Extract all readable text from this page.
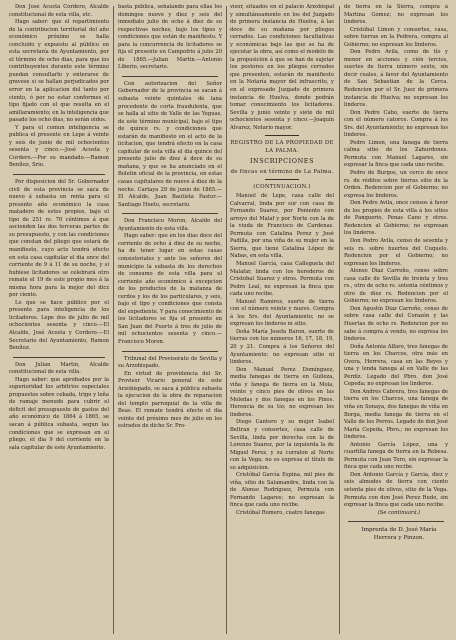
Don José Acosta Cordero, Alcalde constitucional de esta villa, etc.

Hago saber: que el repartimiento de la contribucion territorial del año económico próximo se halla concluido y expuesto al público en esta secretaría de Ayuntamiento, por el término de ocho dias, para que los contribuyentes durante este término puedan consultarlo y enterarse de gravese si se hallan perjudicados por error en la aplicacion del tanto por ciento, ó por no estar conformes el tipo fijado con el que resulta en el amillaramiento; en la inteligencia que pasado los ocho dias, no serán oidos.

Y para el comun inteligencia se publica el presente en Lepe á veinte y seis de junio de mil ochocientos sesenta y cinco.—José Acosta y Cordero.—Por su mandado.—Ramon Benítez, Srio.

Por disposicion del Sr. Gobernador civil de esta provincia se saca de nuevo á subasta en renta para el presente año económico la casa matadero de estos propios, bajo el tipo de 251 rs. 70 céntimos á que ascienden las dos terceras partes de su presupuesto, y con las condiciones que constan del pliego que estará de manifiesto, cuyo acto tendrá efecto en esta casa capitular el dia once del corriente de 9 á 11 de su noche, y si hubiese licitadores se celebrará otro remate el 19 de este propio mes á la misma hora para la mejor del dicz por ciento.

Lo que se hace público por el presente para inteligencia de los licitadores. Lepe dos de julio de mil ochocientos sesenta y cinco.—El Alcalde, José Acosta y Cordero.—El Secretario del Ayuntamiento, Ramon Benítez.

Don Julian Martin, Alcalde constitucional de esta villa.

Hago saber: que aprobados por la superioridad los arbitrios especiales propuestos sobre cebada, trigo y leña de ramaje menudo para cubrir el déficit del presupuesto de gastos del año económico de 1864 á 1865, se sacan á pública subasta, segun las condiciones que se expresan en el pliego, el dia 9 del corriente en la sala capitular de este Ayuntamiento.

basta pública, señalando para ellas los domingos nueve y diez y seis del inmediato julio de ocho á diez de su respectivas noches, bajo los tipos y condiciones que están de manifiesto. Y para la concurrencia de licitadores se fija el presente en Campofrio á julio 20 de 1865.—Julian Martin.—Antonio Liberio, secretario.

Con autorizacion del Señor Gobernador de la provincia se sacan á subasta veinte quintales de lana procedente de corta fraudulenta, que se halla al sitio de Valle de las Yeguas, de este término municipal, bajo el tipo de quince rs. y condiciones que estarán de manifiesto en el acto de la licitacion, que tendrá efecto en la casa capitular de esta villa el dia quince del presente julio de diez á doce de su mañana, y que se ha anunciado en el Boletin oficial de la provincia, en estas casas capitulares de nueve á diez de la noche. Cartaya 29 de junio de 1865.—El Alcalde, Juan Bautista Pastor.—Santiago Hueto, secretario.

Don Francisco Moron, Alcalde del Ayuntamiento de esta villa.

Hago saber: que en los dias doce del corriente de ocho á diez de su noche, ha de tener lugar en estas casas consistoriales y ante los señores del municipio la subasta de los derechos de consumo de esta villa para el corriente año económico á excepcion de los productos de la matanza de cerdos y los de los particulares, y seis, bajo el tipo y condiciones que consta del expediente. Y para conocimiento de los licitadores se fija el presente en San Juan del Puerto á tres de julio de mil ochocientos sesenta y cinco.—Francisco Moron.

Tribunal del Provisorato de Sevilla y su Arzobispado.

En virtud de providencia del Sr. Provisor Vicario general de este Arzobispado, se saca á pública subasta la ejecucion de la obra de reparacion del templo parroquial de la villa de Beas. El remate tendrá efecto el dia veinte del próximo mes de julio en los estrados de dicho Sr. Pro-

visor, situados en el palacio Arzobispal y simultáneamente en los del Juzgado de primera instancia de Huelva, á las doce de su mañana por pliegos cerrados. Las condiciones facultativas y económicas bajo las que se ha de ejecutar la obra, así como el modelo de la proposicion á que se han de sujetar los postores en los pliegos cerrados que presenten, estarán de manifiesto en la Notaría mayor del infrascrito, y en el expresado Juzgado de primera instancia de Huelva, donde podrán tomar conocimiento los licitadores. Sevilla y junio veinte y siete de mil ochocientos sesenta y cinco.—Joaquín Alvarez, Notario mayor.

REGISTRO DE LA PROPIEDAD DE LA PALMA.

INSCRIPCIONES

de fincas en término de La Palma.

(CONTINUACION.)

Manuel de Lepe, casa calle del Calvarral, linda por sur con casa de Fernando Suarez, por Poniente con arroyo del Malaf y por Norte con la de la viuda de Francisco de Cardenas. Permuta con Catalina Perez y José Padilla, por una viña de su mujer en la Sierra, que tiene Catalina López de Nabas, en esta villa.

Manuel García, casa Calleguela del Malafar, linda con los herederos de Cristobal Suarez y otros. Permuta con Pedro Leal, no expresan la finca que cada uno recibe.

Manuel Ramirez, suerte de tierra con el número veinte y nueve. Compra á los Srs. del Ayuntamiento; no se expresan los linderos ni sitio.

Doña María Josefa Baron, suerte de tierras con los números 16, 17, 18, 19, 20 y 21. Compra á los Señores del Ayuntamiento; no expresan sitio ni linderos.

Don Manuel Perez Domínguez, media fanegas de tierra en Guileza, viña y fanega de tierra en la Mola, veinte y cinco pies de olivos en las Moledas y dos fanegas en los Pinos. Herencia de su tío; no expresan los linderos.

Diego Cantero y su mujer Isabel Beltran y consortes, casa calle de Sevilla, linda por derecha con la de Lorenzo Suarez, por la izquierda la de Miguel Perez, y su corralon al Norte con la Vega; no es expresa el título de su adquisicion.

Cristóbal García Espina, mil pies de viña, sitio de Salamandre, linda con la de Alonso Rodríguez, Permuta con Fernando Lagares; no expresan la finca que cada uno recibe.

Cristóbal Romero, cuatro fanegas

de tierra en la Sierra, compra á Martina Gomez; no expresan los linderos.

Cristóbal Limon y consortes, casa, sobre tierras en la Pedrera, compra al Gobierno; no expresan los linderos.

Don Pedro Avila, como de tío y menor en acciones y cién tercios, suertes de tierra número sexto, sin decir cuales, á favor del Ayuntamiento de San Sebastian de la Cerca. Redencion por el Sr. Juez de primera instancia de Huelva; no expresan los linderos.

Don Pedro Cabo, suerte de tierra con el número catorce. Compra á los Srs. del Ayuntamiento; no expresan los linderos.

Pedro Limon, una fanega de tierra calma sitio de los Zahurdones. Permuta con Manuel Lagares, sin expresar la finca que cada uno recibe.

Pedro de Burgos, un cerco de once rs. de réditos sobre tierras sitio de la Orden. Redencion por el Gobierno; no expresa los linderos.

Don Pedro Avila, once censos á favor de los propios de esta villa á los sitios de Panquerio, Penas Cano y otros. Redencion al Gobierno; no expresan los linderos.

Don Pedro Avila, censo de sesenta y seis rs. sobre huertos del Cuquelo. Redencion por el Gobierno; no expresan los linderos.

Alonso Diaz Carreño, censo sobre casa calle de Sevilla de treinta y tres rs., otro de ocho rs. setenta céntimos y otro de diez rs. Redencion por el Gobierno; no expresan los linderos.

Don Agustín Diaz Carreño, censo de sobre casa calle del Corazón y las Huertas de ocho rs. Redencion por no sabe á compra á vendo, no expresa los linderos.

Doña Antonia Alfaro, tres fanegas de tierra en los Charcos, otra más en Overa, Herrera, casa en las Reyes y una y lenda fanega al en Valle de las Perdíz. Legado del Pbro. don José Cepeda; no expresan los linderos.

Don Andres Cabrera, tres fanegas de tierra en los Charcos, una fanega de viña en Sonaya, dos fanegas de viña en Borga, media fanega de tierra en el Valle de los Perros. Legado de don José María Cepeda, Pbro.; no expresan los linderos.

Antonio García López, una y cuartilla fanega de tierra en la Rebesa. Permuta con Juan Toro, sin expresar la finca que cada uno recibe.

Don Antonio García y Garcia, diez y seis almudes de tierra con ciento setenta pies de olivos, sitio de la Vega. Permuta con don José Perez Rudo, sin expresar la finca que cada uno recibe.

(Se continuará.)

Imprenta de D. José María

Herrera y Pinzon.
